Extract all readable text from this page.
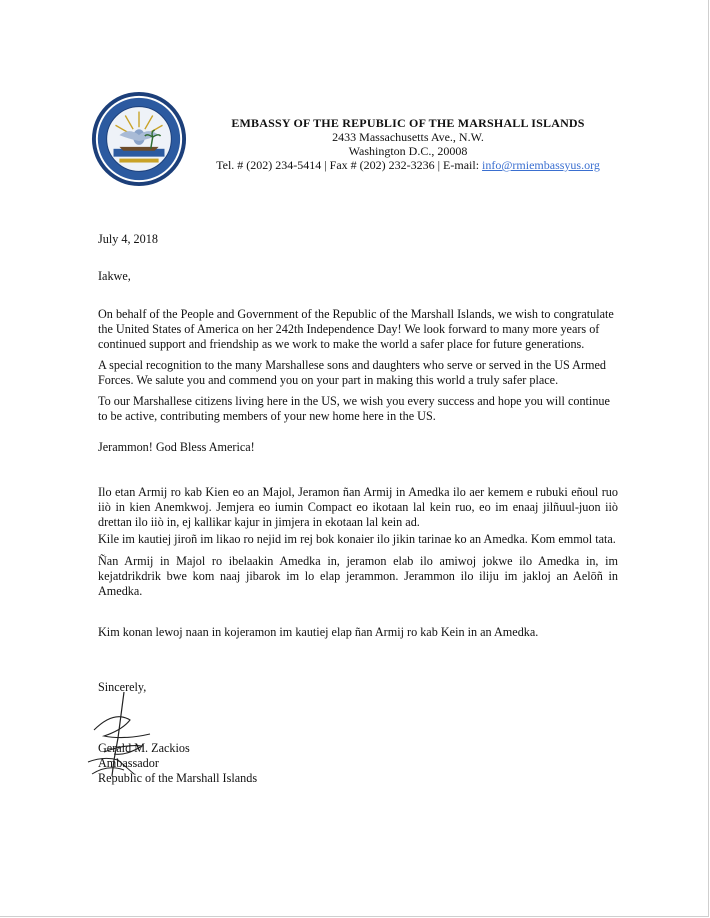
EMBASSY OF THE REPUBLIC OF THE MARSHALL ISLANDS
2433 Massachusetts Ave., N.W.
Washington D.C., 20008
Tel. # (202) 234-5414 | Fax # (202) 232-3236 | E-mail: info@rmiembassyus.org
July 4, 2018
Iakwe,
On behalf of the People and Government of the Republic of the Marshall Islands, we wish to congratulate the United States of America on her 242th Independence Day! We look forward to many more years of continued support and friendship as we work to make the world a safer place for future generations.
A special recognition to the many Marshallese sons and daughters who serve or served in the US Armed Forces. We salute you and commend you on your part in making this world a truly safer place.
To our Marshallese citizens living here in the US, we wish you every success and hope you will continue to be active, contributing members of your new home here in the US.
Jerammon! God Bless America!
Ilo etan Armij ro kab Kien eo an Majol, Jeramon ñan Armij in Amedka ilo aer kemem e rubuki eñoul ruo iiò in kien Anemkwoj. Jemjera eo iumin Compact eo ikotaan lal kein ruo, eo im enaaj jilñuul-juon iiò drettan ilo iiò in, ej kallikar kajur in jimjera in ekotaan lal kein ad.
Kile im kautiej jiroñ im likao ro nejid im rej bok konaier ilo jikin tarinae ko an Amedka. Kom emmol tata.
Ñan Armij in Majol ro ibelaakin Amedka in, jeramon elab ilo amiwoj jokwe ilo Amedka in, im kejatdrikdrik bwe kom naaj jibarok im lo elap jerammon. Jerammon ilo iliju im jakloj an Aelōñ in Amedka.
Kim konan lewoj naan in kojeramon im kautiej elap ñan Armij ro kab Kein in an Amedka.
Sincerely,
Gerald M. Zackios
Ambassador
Republic of the Marshall Islands
